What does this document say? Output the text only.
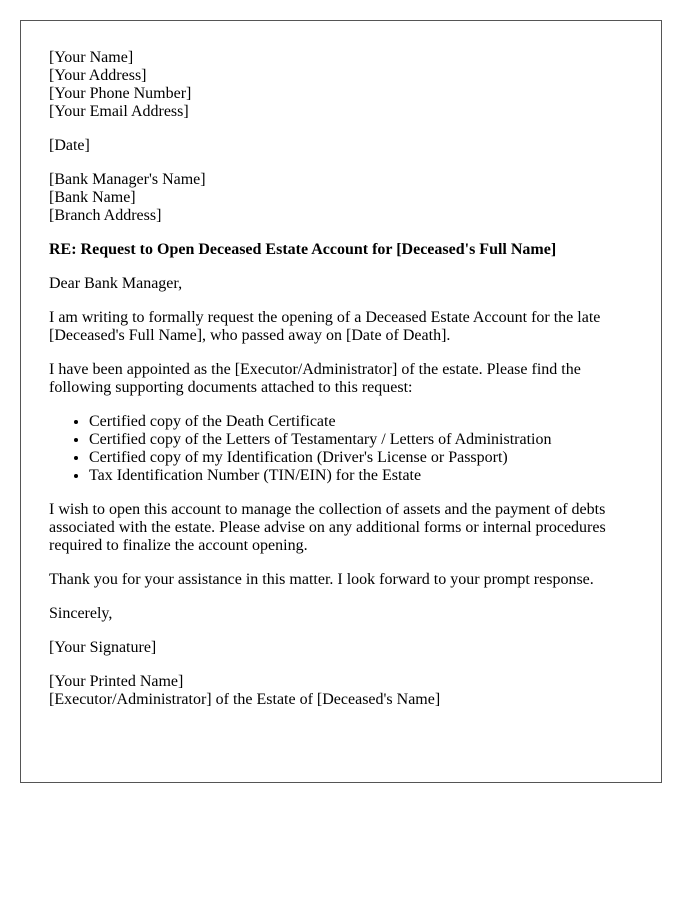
[Your Name]
[Your Address]
[Your Phone Number]
[Your Email Address]

[Date]

[Bank Manager's Name]
[Bank Name]
[Branch Address]

RE: Request to Open Deceased Estate Account for [Deceased's Full Name]

Dear Bank Manager,

I am writing to formally request the opening of a Deceased Estate Account for the late [Deceased's Full Name], who passed away on [Date of Death].

I have been appointed as the [Executor/Administrator] of the estate. Please find the following supporting documents attached to this request:

• Certified copy of the Death Certificate
• Certified copy of the Letters of Testamentary / Letters of Administration
• Certified copy of my Identification (Driver's License or Passport)
• Tax Identification Number (TIN/EIN) for the Estate

I wish to open this account to manage the collection of assets and the payment of debts associated with the estate. Please advise on any additional forms or internal procedures required to finalize the account opening.

Thank you for your assistance in this matter. I look forward to your prompt response.

Sincerely,

[Your Signature]

[Your Printed Name]
[Executor/Administrator] of the Estate of [Deceased's Name]
